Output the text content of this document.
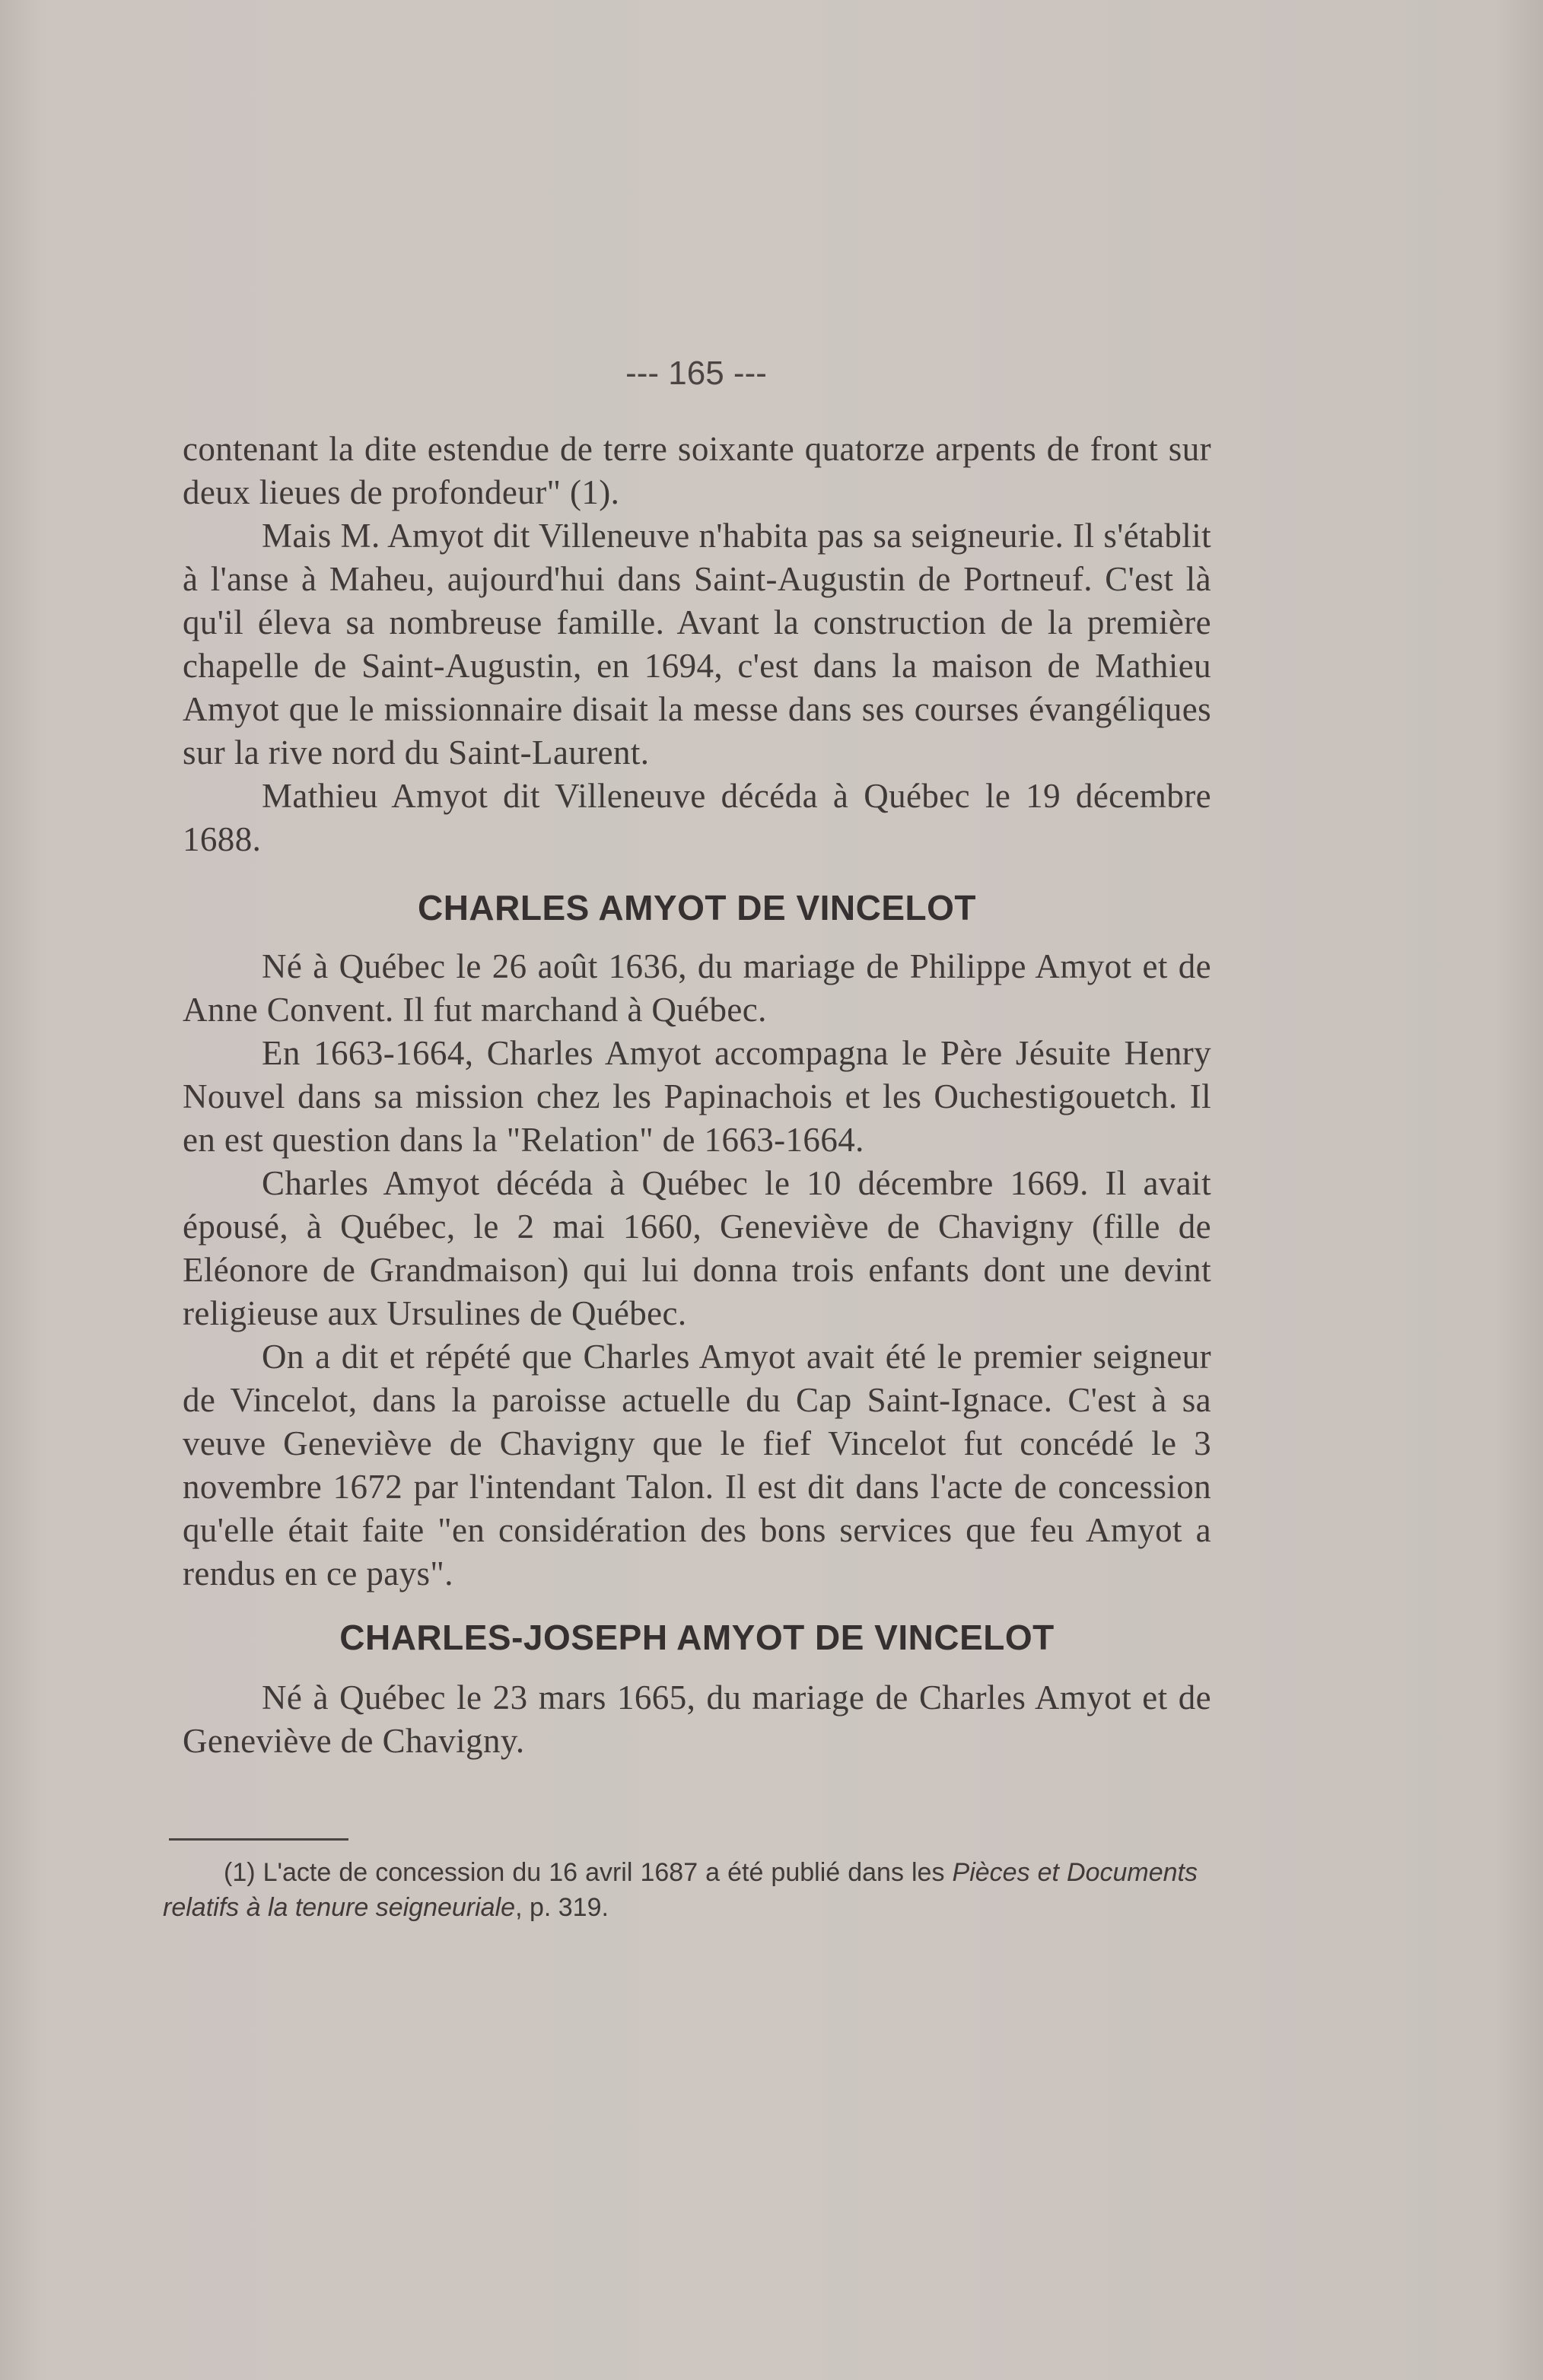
--- 165 ---

contenant la dite estendue de terre soixante quatorze arpents de front sur deux lieues de profondeur" (1).

Mais M. Amyot dit Villeneuve n'habita pas sa seigneurie. Il s'établit à l'anse à Maheu, aujourd'hui dans Saint-Augustin de Portneuf. C'est là qu'il éleva sa nombreuse famille. Avant la construction de la première chapelle de Saint-Augustin, en 1694, c'est dans la maison de Mathieu Amyot que le missionnaire disait la messe dans ses courses évangéliques sur la rive nord du Saint-Laurent.

Mathieu Amyot dit Villeneuve décéda à Québec le 19 décembre 1688.

CHARLES AMYOT DE VINCELOT

Né à Québec le 26 août 1636, du mariage de Philippe Amyot et de Anne Convent. Il fut marchand à Québec.

En 1663-1664, Charles Amyot accompagna le Père Jésuite Henry Nouvel dans sa mission chez les Papinachois et les Ouchestigouetch. Il en est question dans la "Relation" de 1663-1664.

Charles Amyot décéda à Québec le 10 décembre 1669. Il avait épousé, à Québec, le 2 mai 1660, Geneviève de Chavigny (fille de Eléonore de Grandmaison) qui lui donna trois enfants dont une devint religieuse aux Ursulines de Québec.

On a dit et répété que Charles Amyot avait été le premier seigneur de Vincelot, dans la paroisse actuelle du Cap Saint-Ignace. C'est à sa veuve Geneviève de Chavigny que le fief Vincelot fut concédé le 3 novembre 1672 par l'intendant Talon. Il est dit dans l'acte de concession qu'elle était faite "en considération des bons services que feu Amyot a rendus en ce pays".

CHARLES-JOSEPH AMYOT DE VINCELOT

Né à Québec le 23 mars 1665, du mariage de Charles Amyot et de Geneviève de Chavigny.

(1) L'acte de concession du 16 avril 1687 a été publié dans les Pièces et Documents relatifs à la tenure seigneuriale, p. 319.
